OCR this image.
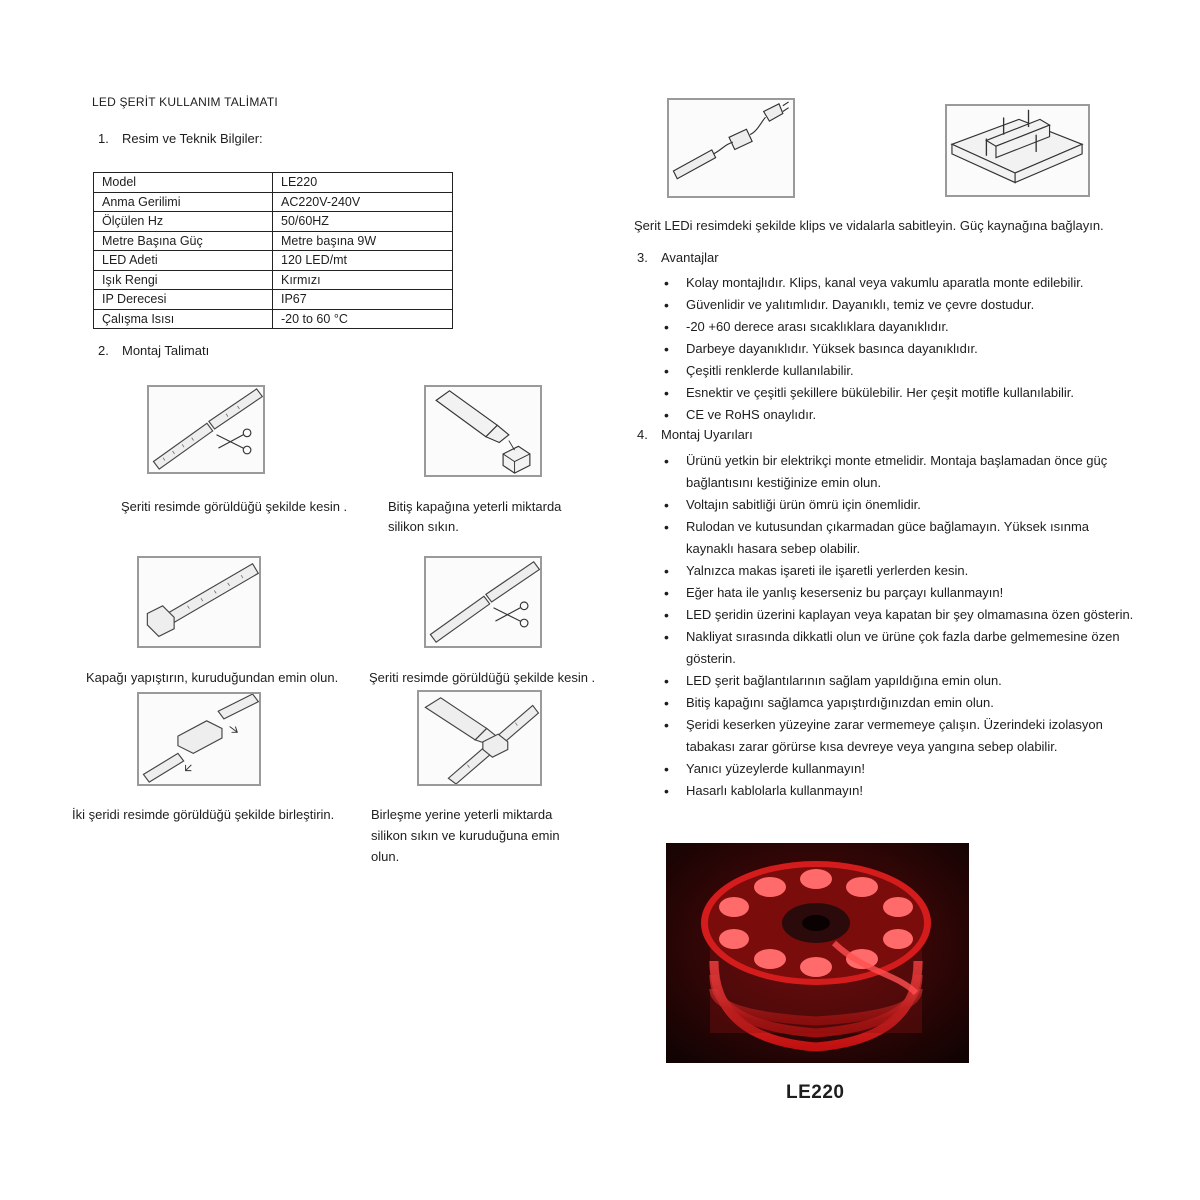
LED ŞERİT KULLANIM TALİMATI
1. Resim ve Teknik Bilgiler:
Model	LE220
Anma Gerilimi	AC220V-240V
Ölçülen Hz	50/60HZ
Metre Başına Güç	Metre başına 9W
LED Adeti	120 LED/mt
Işık Rengi	Kırmızı
IP Derecesi	IP67
Çalışma Isısı	-20 to 60 °C
2. Montaj Talimatı
Şeriti resimde görüldüğü şekilde kesin .	Bitiş kapağına yeterli miktarda
silikon sıkın.
Kapağı yapıştırın, kuruduğundan emin olun. Şeriti resimde görüldüğü şekilde kesin .
İki şeridi resimde görüldüğü şekilde birleştirin.	Birleşme yerine yeterli miktarda
silikon sıkın ve kuruduğuna emin
olun.
Şerit LEDi resimdeki şekilde klips ve vidalarla sabitleyin. Güç kaynağına bağlayın.
3. Avantajlar
• Kolay montajlıdır. Klips, kanal veya vakumlu aparatla monte edilebilir.
• Güvenlidir ve yalıtımlıdır. Dayanıklı, temiz ve çevre dostudur.
• -20 +60 derece arası sıcaklıklara dayanıklıdır.
• Darbeye dayanıklıdır. Yüksek basınca dayanıklıdır.
• Çeşitli renklerde kullanılabilir.
• Esnektir ve çeşitli şekillere bükülebilir. Her çeşit motifle kullanılabilir.
• CE ve RoHS onaylıdır.
4. Montaj Uyarıları
• Ürünü yetkin bir elektrikçi monte etmelidir. Montaja başlamadan önce güç bağlantısını kestiğinize emin olun.
• Voltajın sabitliği ürün ömrü için önemlidir.
• Rulodan ve kutusundan çıkarmadan güce bağlamayın. Yüksek ısınma kaynaklı hasara sebep olabilir.
• Yalnızca makas işareti ile işaretli yerlerden kesin.
• Eğer hata ile yanlış keserseniz bu parçayı kullanmayın!
• LED şeridin üzerini kaplayan veya kapatan bir şey olmamasına özen gösterin.
• Nakliyat sırasında dikkatli olun ve ürüne çok fazla darbe gelmemesine özen gösterin.
• LED şerit bağlantılarının sağlam yapıldığına emin olun.
• Bitiş kapağını sağlamca yapıştırdığınızdan emin olun.
• Şeridi keserken yüzeyine zarar vermemeye çalışın. Üzerindeki izolasyon tabakası zarar görürse kısa devreye veya yangına sebep olabilir.
• Yanıcı yüzeylerde kullanmayın!
• Hasarlı kablolarla kullanmayın!
LE220
